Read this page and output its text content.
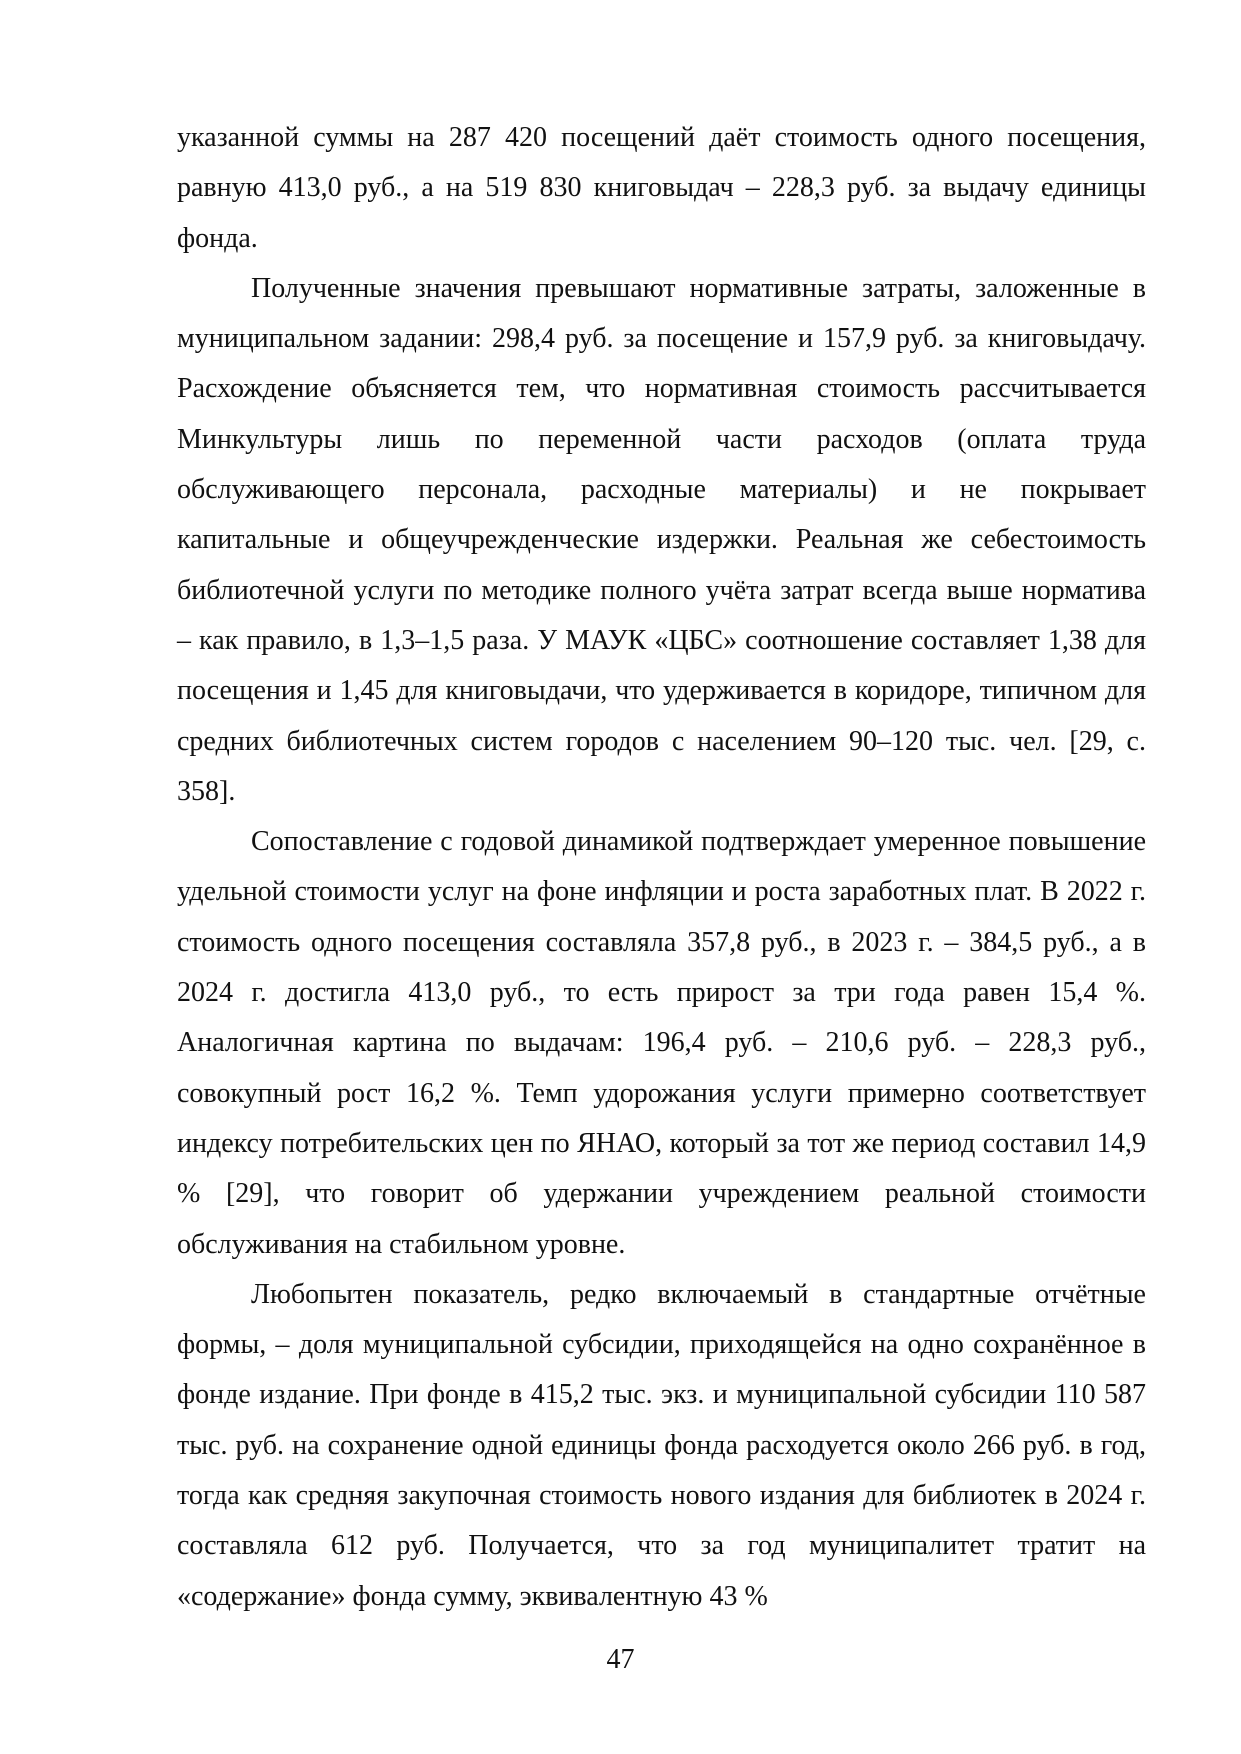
указанной суммы на 287 420 посещений даёт стоимость одного посещения, равную 413,0 руб., а на 519 830 книговыдач – 228,3 руб. за выдачу единицы фонда.

Полученные значения превышают нормативные затраты, заложенные в муниципальном задании: 298,4 руб. за посещение и 157,9 руб. за книговыдачу. Расхождение объясняется тем, что нормативная стоимость рассчитывается Минкультуры лишь по переменной части расходов (оплата труда обслуживающего персонала, расходные материалы) и не покрывает капитальные и общеучрежденческие издержки. Реальная же себестоимость библиотечной услуги по методике полного учёта затрат всегда выше норматива – как правило, в 1,3–1,5 раза. У МАУК «ЦБС» соотношение составляет 1,38 для посещения и 1,45 для книговыдачи, что удерживается в коридоре, типичном для средних библиотечных систем городов с населением 90–120 тыс. чел. [29, с. 358].

Сопоставление с годовой динамикой подтверждает умеренное повышение удельной стоимости услуг на фоне инфляции и роста заработных плат. В 2022 г. стоимость одного посещения составляла 357,8 руб., в 2023 г. – 384,5 руб., а в 2024 г. достигла 413,0 руб., то есть прирост за три года равен 15,4 %. Аналогичная картина по выдачам: 196,4 руб. – 210,6 руб. – 228,3 руб., совокупный рост 16,2 %. Темп удорожания услуги примерно соответствует индексу потребительских цен по ЯНАО, который за тот же период составил 14,9 % [29], что говорит об удержании учреждением реальной стоимости обслуживания на стабильном уровне.

Любопытен показатель, редко включаемый в стандартные отчётные формы, – доля муниципальной субсидии, приходящейся на одно сохранённое в фонде издание. При фонде в 415,2 тыс. экз. и муниципальной субсидии 110 587 тыс. руб. на сохранение одной единицы фонда расходуется около 266 руб. в год, тогда как средняя закупочная стоимость нового издания для библиотек в 2024 г. составляла 612 руб. Получается, что за год муниципалитет тратит на «содержание» фонда сумму, эквивалентную 43 %

47
